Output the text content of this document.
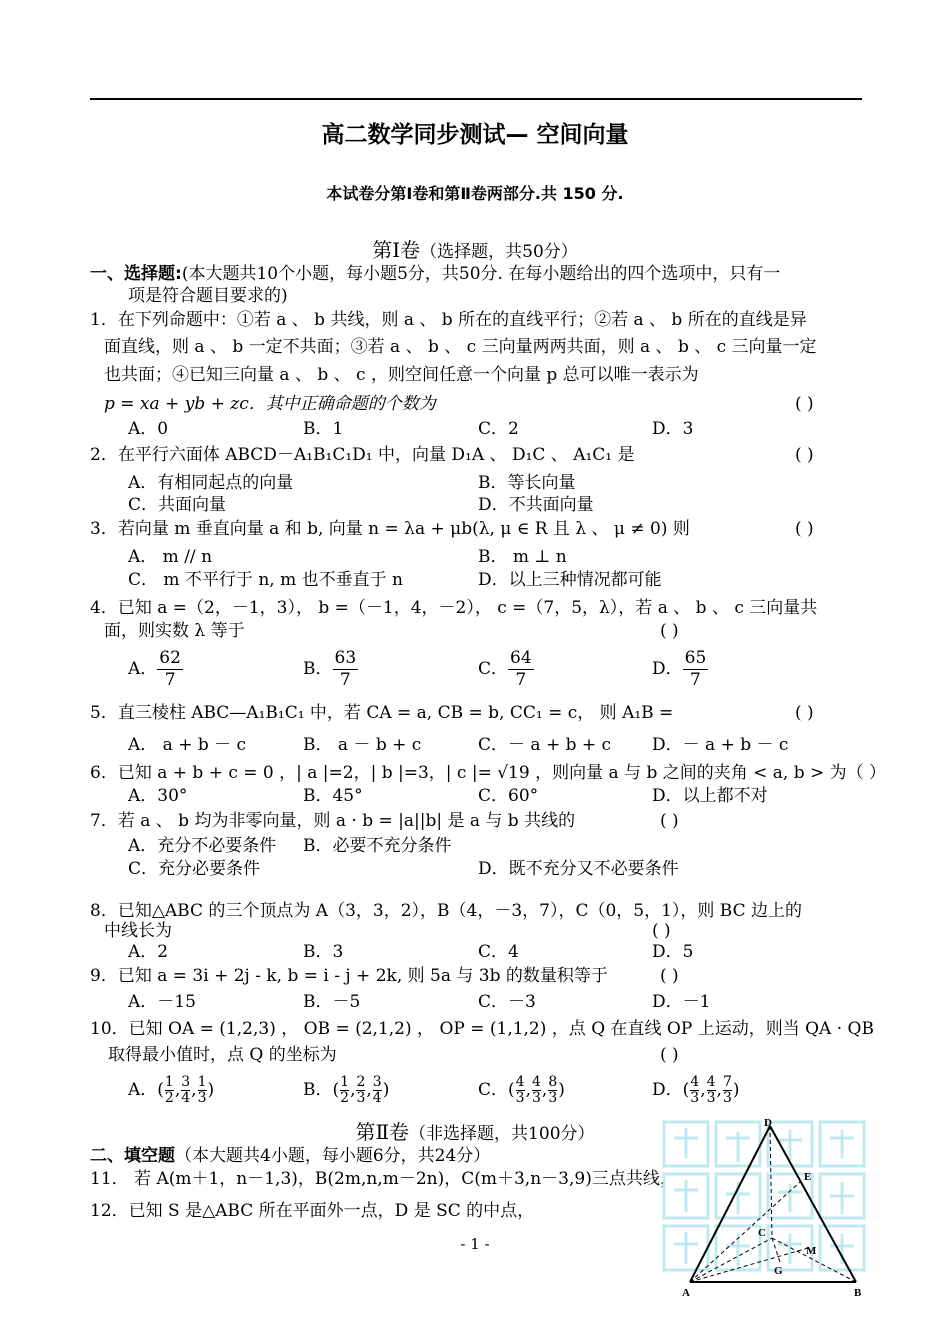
高二数学同步测试— 空间向量
本试卷分第Ⅰ卷和第Ⅱ卷两部分.共 150 分.
第Ⅰ卷（选择题，共50分）
一、选择题:(本大题共10个小题，每小题5分，共50分. 在每小题给出的四个选项中，只有一
项是符合题目要求的)
1．在下列命题中：①若 a 、 b 共线，则 a 、 b 所在的直线平行；②若 a 、 b 所在的直线是异
面直线，则 a 、 b 一定不共面；③若 a 、 b 、 c 三向量两两共面，则 a 、 b 、 c 三向量一定
也共面；④已知三向量 a 、 b 、 c ，则空间任意一个向量 p 总可以唯一表示为
p = xa + yb + zc．其中正确命题的个数为	( )
A．0	B．1	C．2	D．3
2．在平行六面体 ABCD－A₁B₁C₁D₁ 中，向量 D₁A 、 D₁C 、 A₁C₁ 是	( )
A．有相同起点的向量	B．等长向量
C．共面向量	D．不共面向量
3．若向量 m 垂直向量 a 和 b, 向量 n = λa + μb(λ, μ ∈ R 且 λ 、 μ ≠ 0) 则	( )
A． m // n	B． m ⊥ n
C． m 不平行于 n, m 也不垂直于 n	D．以上三种情况都可能
4．已知 a =（2，－1，3）， b =（－1，4，－2）， c =（7，5，λ），若 a 、 b 、 c 三向量共
面，则实数 λ 等于	( )
A． $\frac{62}{7}$	B． $\frac{63}{7}$	C． $\frac{64}{7}$	D． $\frac{65}{7}$
5．直三棱柱 ABC—A₁B₁C₁ 中，若 CA = a, CB = b, CC₁ = c， 则 A₁B =	( )
A． a + b － c	B． a － b + c	C．－ a + b + c D．－ a + b － c
6．已知 a + b + c = 0 ，| a |=2，| b |=3，| c |= √19 ，则向量 a 与 b 之间的夹角 < a, b > 为（ ）
A．30°	B．45°	C．60°	D．以上都不对
7．若 a 、 b 均为非零向量，则 a · b = |a||b| 是 a 与 b 共线的	( )
A．充分不必要条件 B．必要不充分条件
C．充分必要条件	D．既不充分又不必要条件
8．已知△ABC 的三个顶点为 A（3，3，2），B（4，－3，7），C（0，5，1），则 BC 边上的
中线长为	( )
A．2	B．3	C．4	D．5
9．已知 a = 3i + 2j - k, b = i - j + 2k, 则 5a 与 3b 的数量积等于	( )
A．－15	B．－5	C．－3	D．－1
10．已知 OA = (1,2,3) ， OB = (2,1,2) ， OP = (1,1,2) ，点 Q 在直线 OP 上运动，则当 QA · QB
取得最小值时，点 Q 的坐标为	( )
A．( $\frac{1}{2}$ , $\frac{3}{4}$ , $\frac{1}{3}$ )	B．( $\frac{1}{2}$ , $\frac{2}{3}$ , $\frac{3}{4}$ )	C．( $\frac{4}{3}$ , $\frac{4}{3}$ , $\frac{8}{3}$ )	D．( $\frac{4}{3}$ , $\frac{4}{3}$ , $\frac{7}{3}$ )
第Ⅱ卷（非选择题，共100分）
二、填空题（本大题共4小题，每小题6分，共24分）
11． 若 A(m＋1，n－1,3)，B(2m,n,m－2n)，C(m＋3,n－3,9)三点共线，
12．已知 S 是△ABC 所在平面外一点，D 是 SC 的中点，
D
E
C
M
G
A	B
- 1 -
